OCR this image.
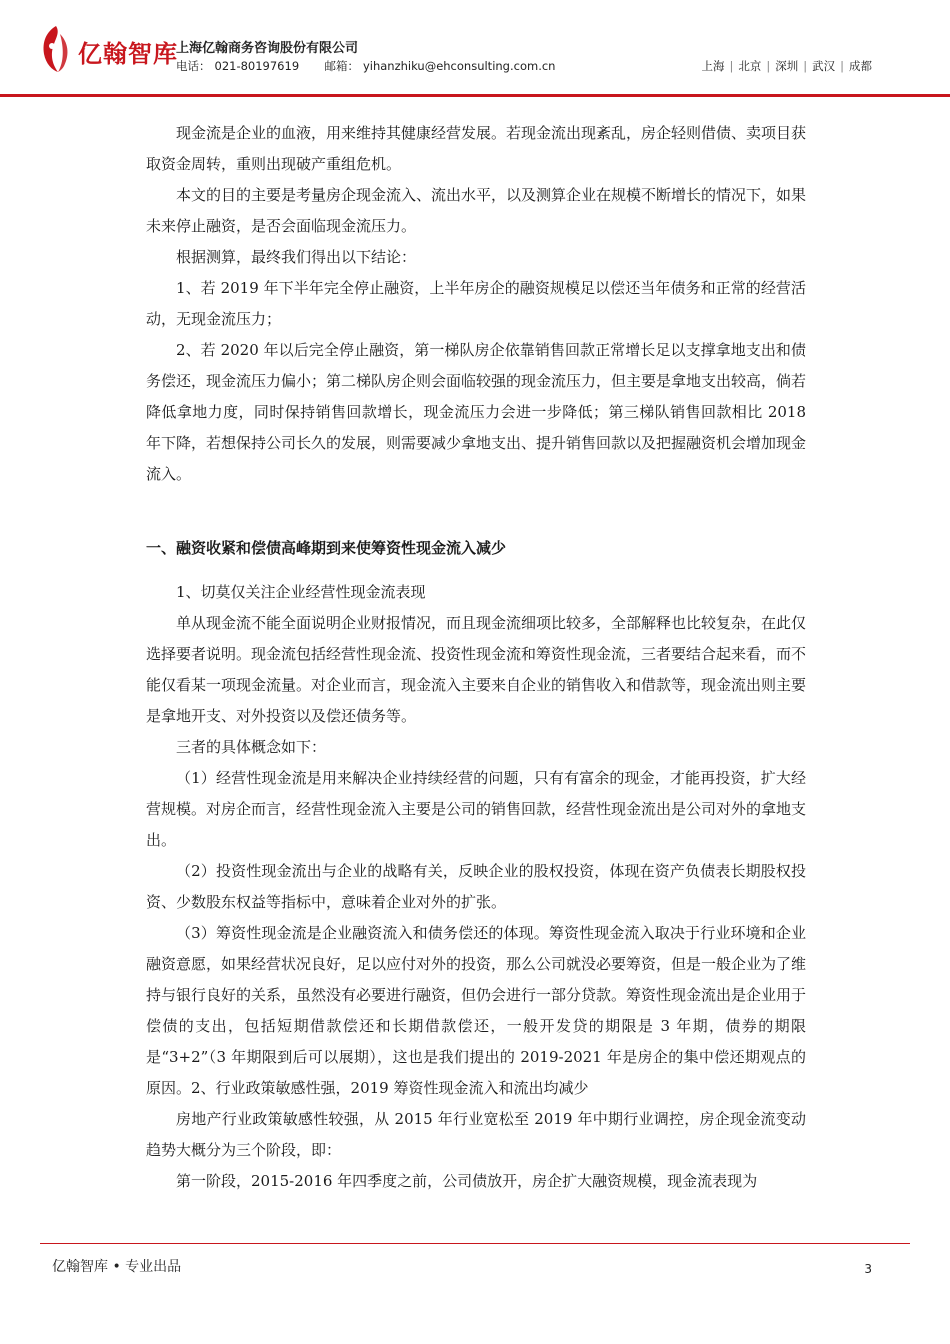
亿翰智库
上海亿翰商务咨询股份有限公司
电话： 021-80197619 邮箱： yihanzhiku@ehconsulting.com.cn	上海 | 北京 | 深圳 | 武汉 | 成都

现金流是企业的血液，用来维持其健康经营发展。若现金流出现紊乱，房企轻则借债、卖项目获取资金周转，重则出现破产重组危机。

本文的目的主要是考量房企现金流入、流出水平，以及测算企业在规模不断增长的情况下，如果未来停止融资，是否会面临现金流压力。

根据测算，最终我们得出以下结论：

1、若 2019 年下半年完全停止融资，上半年房企的融资规模足以偿还当年债务和正常的经营活动，无现金流压力；

2、若 2020 年以后完全停止融资，第一梯队房企依靠销售回款正常增长足以支撑拿地支出和债务偿还，现金流压力偏小；第二梯队房企则会面临较强的现金流压力，但主要是拿地支出较高，倘若降低拿地力度，同时保持销售回款增长，现金流压力会进一步降低；第三梯队销售回款相比 2018 年下降，若想保持公司长久的发展，则需要减少拿地支出、提升销售回款以及把握融资机会增加现金流入。

一、融资收紧和偿债高峰期到来使筹资性现金流入减少

1、切莫仅关注企业经营性现金流表现

单从现金流不能全面说明企业财报情况，而且现金流细项比较多，全部解释也比较复杂，在此仅选择要者说明。现金流包括经营性现金流、投资性现金流和筹资性现金流，三者要结合起来看，而不能仅看某一项现金流量。对企业而言，现金流入主要来自企业的销售收入和借款等，现金流出则主要是拿地开支、对外投资以及偿还债务等。

三者的具体概念如下：

（1）经营性现金流是用来解决企业持续经营的问题，只有有富余的现金，才能再投资，扩大经营规模。对房企而言，经营性现金流入主要是公司的销售回款，经营性现金流出是公司对外的拿地支出。

（2）投资性现金流出与企业的战略有关，反映企业的股权投资，体现在资产负债表长期股权投资、少数股东权益等指标中，意味着企业对外的扩张。

（3）筹资性现金流是企业融资流入和债务偿还的体现。筹资性现金流入取决于行业环境和企业融资意愿，如果经营状况良好，足以应付对外的投资，那么公司就没必要筹资，但是一般企业为了维持与银行良好的关系，虽然没有必要进行融资，但仍会进行一部分贷款。筹资性现金流出是企业用于偿债的支出，包括短期借款偿还和长期借款偿还，一般开发贷的期限是 3 年期，债券的期限是“3+2”（3 年期限到后可以展期），这也是我们提出的 2019-2021 年是房企的集中偿还期观点的原因。2、行业政策敏感性强，2019 筹资性现金流入和流出均减少

房地产行业政策敏感性较强，从 2015 年行业宽松至 2019 年中期行业调控，房企现金流变动趋势大概分为三个阶段，即：

第一阶段，2015-2016 年四季度之前，公司债放开，房企扩大融资规模，现金流表现为

亿翰智库 • 专业出品	3
